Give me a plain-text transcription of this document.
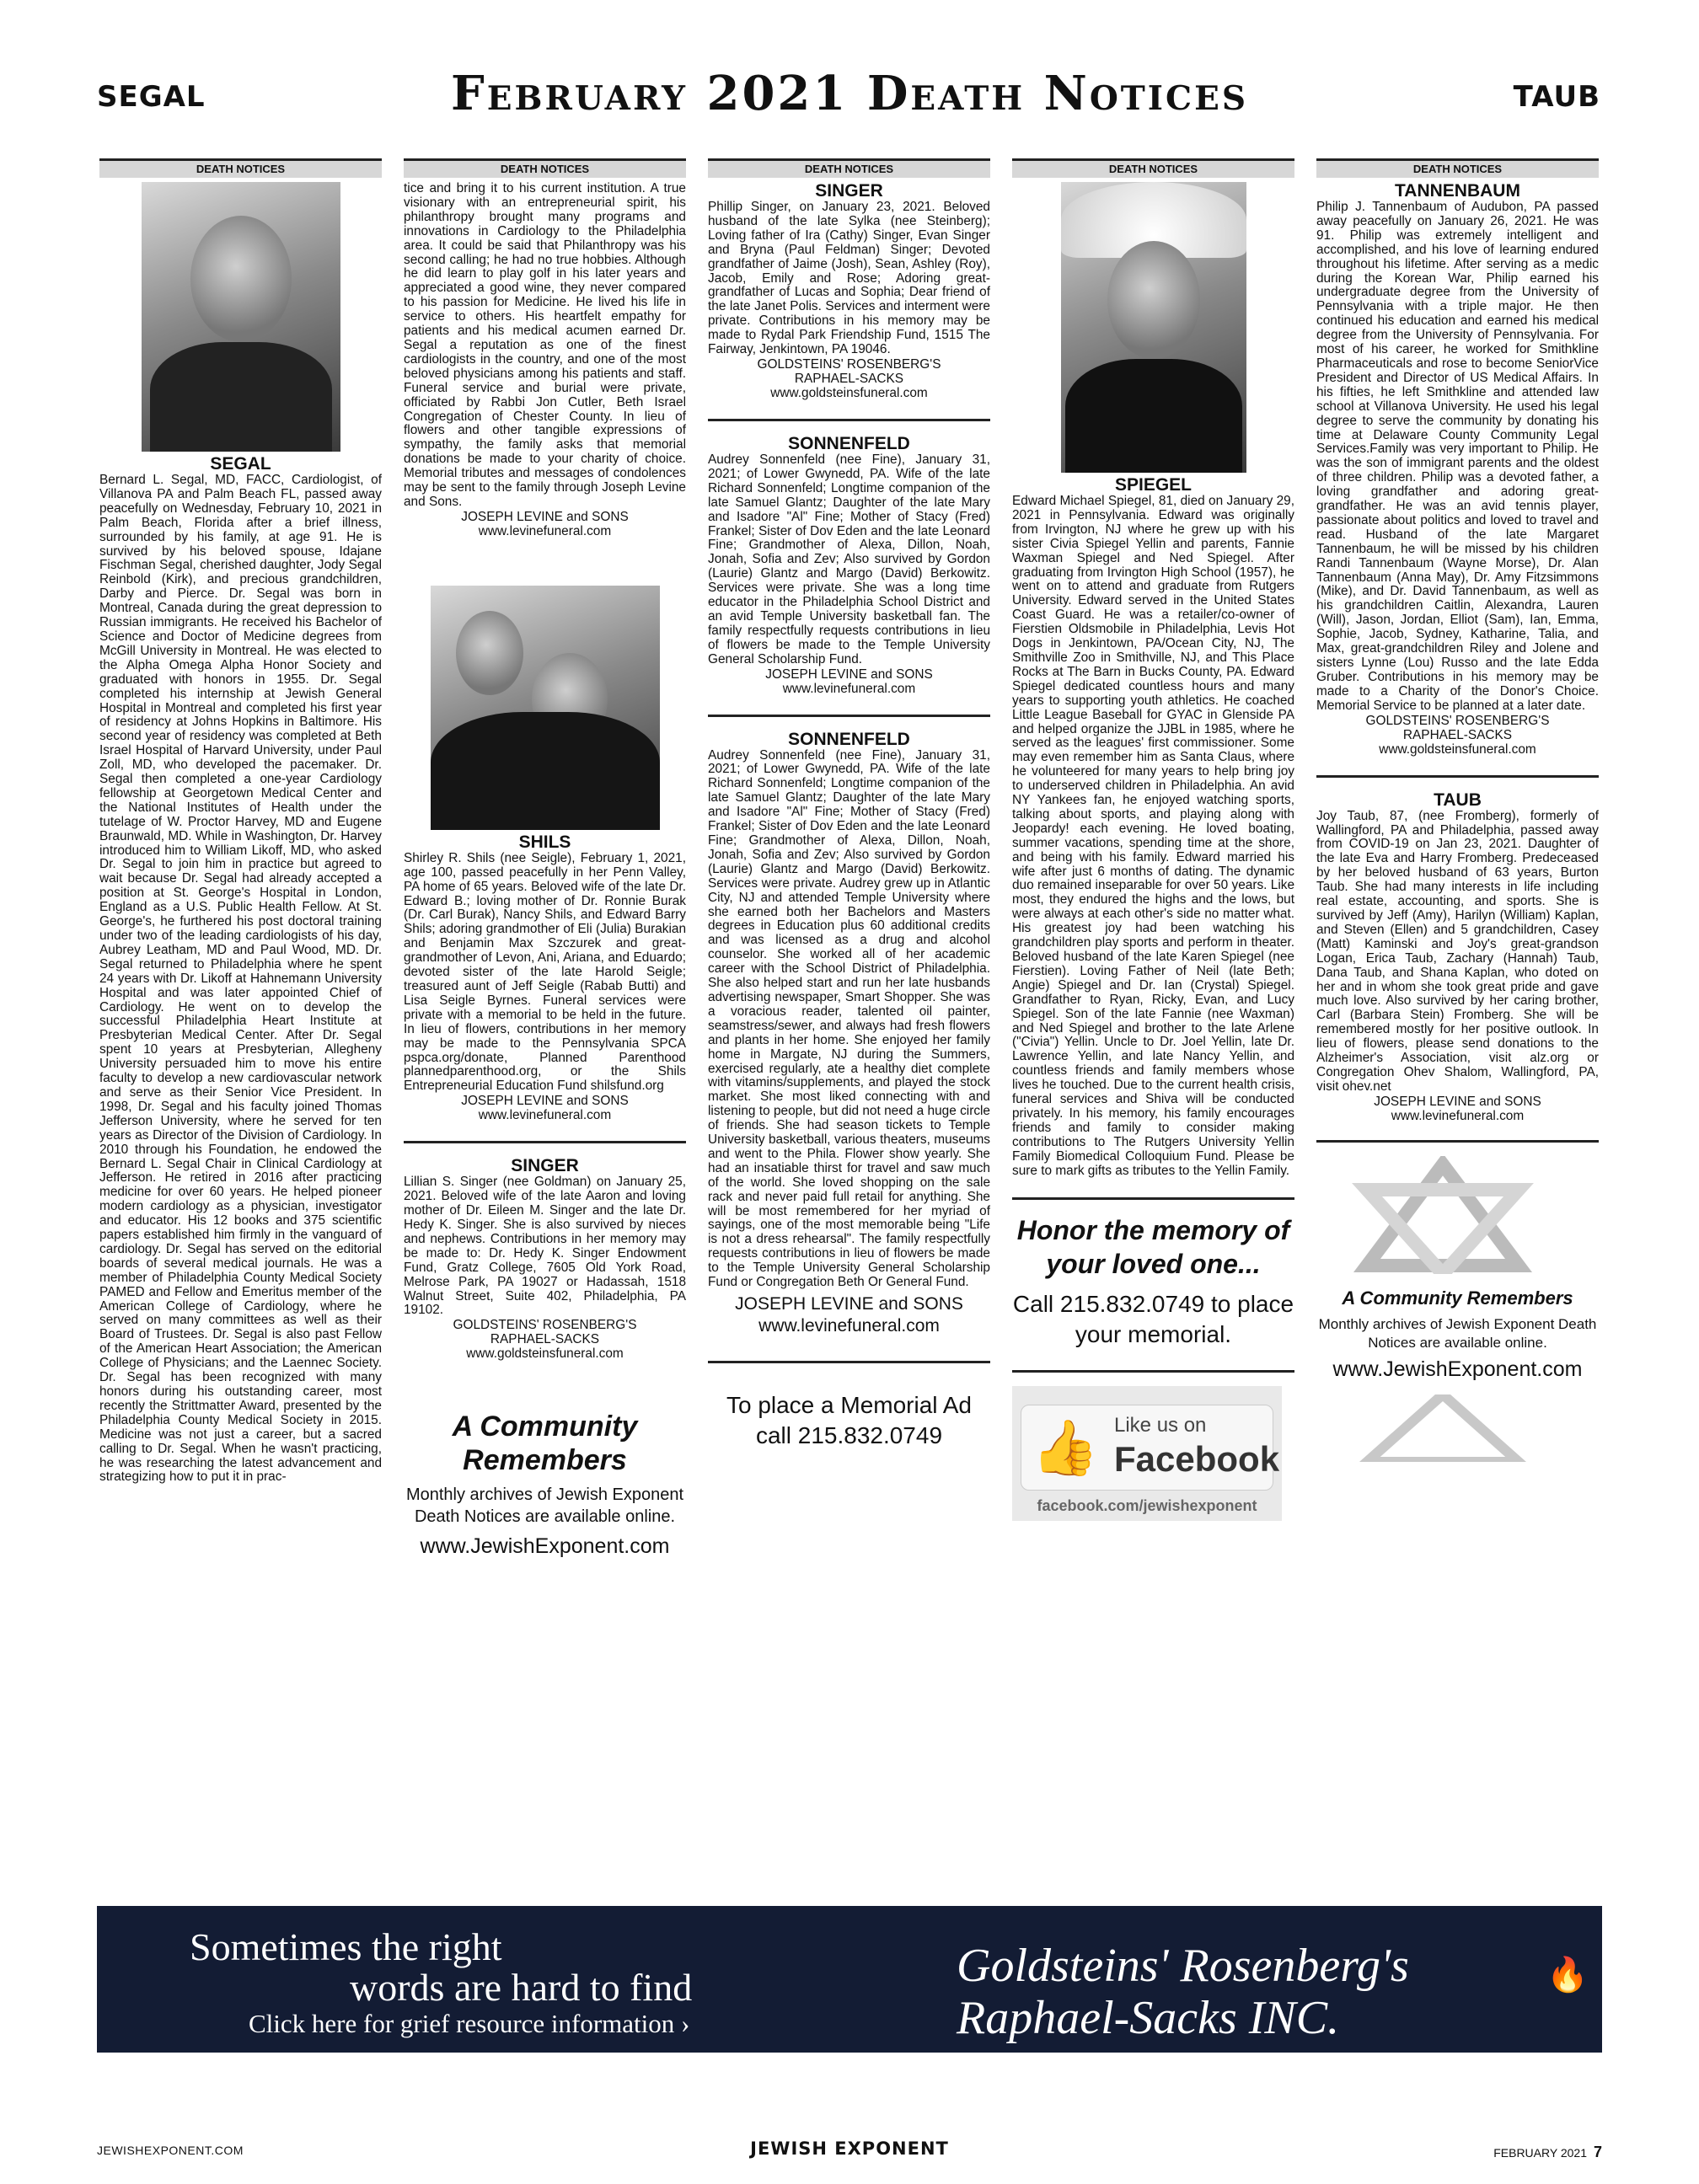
SEGAL	February 2021 Death Notices	TAUB
DEATH NOTICES

SEGAL

Bernard L. Segal, MD, FACC, Cardiologist, of Villanova PA and Palm Beach FL, passed away peacefully on Wednesday, February 10, 2021 in Palm Beach, Florida after a brief illness, surrounded by his family, at age 91. He is survived by his beloved spouse, Idajane Fischman Segal, cherished daughter, Jody Segal Reinbold (Kirk), and precious grandchildren, Darby and Pierce. Dr. Segal was born in Montreal, Canada during the great depression to Russian immigrants. He received his Bachelor of Science and Doctor of Medicine degrees from McGill University in Montreal. He was elected to the Alpha Omega Alpha Honor Society and graduated with honors in 1955. Dr. Segal completed his internship at Jewish General Hospital in Montreal and completed his first year of residency at Johns Hopkins in Baltimore. His second year of residency was completed at Beth Israel Hospital of Harvard University, under Paul Zoll, MD, who developed the pacemaker. Dr. Segal then completed a one-year Cardiology fellowship at Georgetown Medical Center and the National Institutes of Health under the tutelage of W. Proctor Harvey, MD and Eugene Braunwald, MD. While in Washington, Dr. Harvey introduced him to William Likoff, MD, who asked Dr. Segal to join him in practice but agreed to wait because Dr. Segal had already accepted a position at St. George's Hospital in London, England as a U.S. Public Health Fellow. At St. George's, he furthered his post doctoral training under two of the leading cardiologists of his day, Aubrey Leatham, MD and Paul Wood, MD. Dr. Segal returned to Philadelphia where he spent 24 years with Dr. Likoff at Hahnemann University Hospital and was later appointed Chief of Cardiology. He went on to develop the successful Philadelphia Heart Institute at Presbyterian Medical Center. After Dr. Segal spent 10 years at Presbyterian, Allegheny University persuaded him to move his entire faculty to develop a new cardiovascular network and serve as their Senior Vice President. In 1998, Dr. Segal and his faculty joined Thomas Jefferson University, where he served for ten years as Director of the Division of Cardiology. In 2010 through his Foundation, he endowed the Bernard L. Segal Chair in Clinical Cardiology at Jefferson. He retired in 2016 after practicing medicine for over 60 years. He helped pioneer modern cardiology as a physician, investigator and educator. His 12 books and 375 scientific papers established him firmly in the vanguard of cardiology. Dr. Segal has served on the editorial boards of several medical journals. He was a member of Philadelphia County Medical Society PAMED and Fellow and Emeritus member of the American College of Cardiology, where he served on many committees as well as their Board of Trustees. Dr. Segal is also past Fellow of the American Heart Association; the American College of Physicians; and the Laennec Society. Dr. Segal has been recognized with many honors during his outstanding career, most recently the Strittmatter Award, presented by the Philadelphia County Medical Society in 2015. Medicine was not just a career, but a sacred calling to Dr. Segal. When he wasn't practicing, he was researching the latest advancement and strategizing how to put it in prac-

DEATH NOTICES

tice and bring it to his current institution. A true visionary with an entrepreneurial spirit, his philanthropy brought many programs and innovations in Cardiology to the Philadelphia area. It could be said that Philanthropy was his second calling; he had no true hobbies. Although he did learn to play golf in his later years and appreciated a good wine, they never compared to his passion for Medicine. He lived his life in service to others. His heartfelt empathy for patients and his medical acumen earned Dr. Segal a reputation as one of the finest cardiologists in the country, and one of the most beloved physicians among his patients and staff. Funeral service and burial were private, officiated by Rabbi Jon Cutler, Beth Israel Congregation of Chester County. In lieu of flowers and other tangible expressions of sympathy, the family asks that memorial donations be made to your charity of choice. Memorial tributes and messages of condolences may be sent to the family through Joseph Levine and Sons.

JOSEPH LEVINE and SONS

www.levinefuneral.com

SHILS

Shirley R. Shils (nee Seigle), February 1, 2021, age 100, passed peacefully in her Penn Valley, PA home of 65 years. Beloved wife of the late Dr. Edward B.; loving mother of Dr. Ronnie Burak (Dr. Carl Burak), Nancy Shils, and Edward Barry Shils; adoring grandmother of Eli (Julia) Burakian and Benjamin Max Szczurek and great-grandmother of Levon, Ani, Ariana, and Eduardo; devoted sister of the late Harold Seigle; treasured aunt of Jeff Seigle (Rabab Butti) and Lisa Seigle Byrnes. Funeral services were private with a memorial to be held in the future. In lieu of flowers, contributions in her memory may be made to the Pennsylvania SPCA pspca.org/donate, Planned Parenthood plannedparenthood.org, or the Shils Entrepreneurial Education Fund shilsfund.org

JOSEPH LEVINE and SONS

www.levinefuneral.com

SINGER

Lillian S. Singer (nee Goldman) on January 25, 2021. Beloved wife of the late Aaron and loving mother of Dr. Eileen M. Singer and the late Dr. Hedy K. Singer. She is also survived by nieces and nephews. Contributions in her memory may be made to: Dr. Hedy K. Singer Endowment Fund, Gratz College, 7605 Old York Road, Melrose Park, PA 19027 or Hadassah, 1518 Walnut Street, Suite 402, Philadelphia, PA 19102.

GOLDSTEINS' ROSENBERG'S

RAPHAEL-SACKS

www.goldsteinsfuneral.com

A Community Remembers
Monthly archives of Jewish Exponent Death Notices are available online.
www.JewishExponent.com
DEATH NOTICES

SINGER

Phillip Singer, on January 23, 2021. Beloved husband of the late Sylka (nee Steinberg); Loving father of Ira (Cathy) Singer, Evan Singer and Bryna (Paul Feldman) Singer; Devoted grandfather of Jaime (Josh), Sean, Ashley (Roy), Jacob, Emily and Rose; Adoring great-grandfather of Lucas and Sophia; Dear friend of the late Janet Polis. Services and interment were private. Contributions in his memory may be made to Rydal Park Friendship Fund, 1515 The Fairway, Jenkintown, PA 19046.

GOLDSTEINS' ROSENBERG'S

RAPHAEL-SACKS

www.goldsteinsfuneral.com

SONNENFELD

Audrey Sonnenfeld (nee Fine), January 31, 2021; of Lower Gwynedd, PA. Wife of the late Richard Sonnenfeld; Longtime companion of the late Samuel Glantz; Daughter of the late Mary and Isadore "Al" Fine; Mother of Stacy (Fred) Frankel; Sister of Dov Eden and the late Leonard Fine; Grandmother of Alexa, Dillon, Noah, Jonah, Sofia and Zev; Also survived by Gordon (Laurie) Glantz and Margo (David) Berkowitz. Services were private. She was a long time educator in the Philadelphia School District and an avid Temple University basketball fan. The family respectfully requests contributions in lieu of flowers be made to the Temple University General Scholarship Fund.

JOSEPH LEVINE and SONS

www.levinefuneral.com

SONNENFELD

Audrey Sonnenfeld (nee Fine), January 31, 2021; of Lower Gwynedd, PA. Wife of the late Richard Sonnenfeld; Longtime companion of the late Samuel Glantz; Daughter of the late Mary and Isadore "Al" Fine; Mother of Stacy (Fred) Frankel; Sister of Dov Eden and the late Leonard Fine; Grandmother of Alexa, Dillon, Noah, Jonah, Sofia and Zev; Also survived by Gordon (Laurie) Glantz and Margo (David) Berkowitz. Services were private. Audrey grew up in Atlantic City, NJ and attended Temple University where she earned both her Bachelors and Masters degrees in Education plus 60 additional credits and was licensed as a drug and alcohol counselor. She worked all of her academic career with the School District of Philadelphia. She also helped start and run her late husbands advertising newspaper, Smart Shopper. She was a voracious reader, talented oil painter, seamstress/sewer, and always had fresh flowers and plants in her home. She enjoyed her family home in Margate, NJ during the Summers, exercised regularly, ate a healthy diet complete with vitamins/supplements, and played the stock market. She most liked connecting with and listening to people, but did not need a huge circle of friends. She had season tickets to Temple University basketball, various theaters, museums and went to the Phila. Flower show yearly. She had an insatiable thirst for travel and saw much of the world. She loved shopping on the sale rack and never paid full retail for anything. She will be most remembered for her myriad of sayings, one of the most memorable being "Life is not a dress rehearsal". The family respectfully requests contributions in lieu of flowers be made to the Temple University General Scholarship Fund or Congregation Beth Or General Fund.

JOSEPH LEVINE and SONS

www.levinefuneral.com

To place a Memorial Ad
call 215.832.0749
DEATH NOTICES

SPIEGEL

Edward Michael Spiegel, 81, died on January 29, 2021 in Pennsylvania. Edward was originally from Irvington, NJ where he grew up with his sister Civia Spiegel Yellin and parents, Fannie Waxman Spiegel and Ned Spiegel. After graduating from Irvington High School (1957), he went on to attend and graduate from Rutgers University. Edward served in the United States Coast Guard. He was a retailer/co-owner of Fierstien Oldsmobile in Philadelphia, Levis Hot Dogs in Jenkintown, PA/Ocean City, NJ, The Smithville Zoo in Smithville, NJ, and This Place Rocks at The Barn in Bucks County, PA. Edward Spiegel dedicated countless hours and many years to supporting youth athletics. He coached Little League Baseball for GYAC in Glenside PA and helped organize the JJBL in 1985, where he served as the leagues' first commissioner. Some may even remember him as Santa Claus, where he volunteered for many years to help bring joy to underserved children in Philadelphia. An avid NY Yankees fan, he enjoyed watching sports, talking about sports, and playing along with Jeopardy! each evening. He loved boating, summer vacations, spending time at the shore, and being with his family. Edward married his wife after just 6 months of dating. The dynamic duo remained inseparable for over 50 years. Like most, they endured the highs and the lows, but were always at each other's side no matter what. His greatest joy had been watching his grandchildren play sports and perform in theater. Beloved husband of the late Karen Spiegel (nee Fierstien). Loving Father of Neil (late Beth; Angie) Spiegel and Dr. Ian (Crystal) Spiegel. Grandfather to Ryan, Ricky, Evan, and Lucy Spiegel. Son of the late Fannie (nee Waxman) and Ned Spiegel and brother to the late Arlene ("Civia") Yellin. Uncle to Dr. Joel Yellin, late Dr. Lawrence Yellin, and late Nancy Yellin, and countless friends and family members whose lives he touched. Due to the current health crisis, funeral services and Shiva will be conducted privately. In his memory, his family encourages friends and family to consider making contributions to The Rutgers University Yellin Family Biomedical Colloquium Fund. Please be sure to mark gifts as tributes to the Yellin Family.

Honor the memory of your loved one...
Call 215.832.0749 to place your memorial.
👍 Like us on
Facebook
facebook.com/jewishexponent
DEATH NOTICES

TANNENBAUM

Philip J. Tannenbaum of Audubon, PA passed away peacefully on January 26, 2021. He was 91. Philip was extremely intelligent and accomplished, and his love of learning endured throughout his lifetime. After serving as a medic during the Korean War, Philip earned his undergraduate degree from the University of Pennsylvania with a triple major. He then continued his education and earned his medical degree from the University of Pennsylvania. For most of his career, he worked for Smithkline Pharmaceuticals and rose to become SeniorVice President and Director of US Medical Affairs. In his fifties, he left Smithkline and attended law school at Villanova University. He used his legal degree to serve the community by donating his time at Delaware County Community Legal Services.Family was very important to Philip. He was the son of immigrant parents and the oldest of three children. Philip was a devoted father, a loving grandfather and adoring great-grandfather. He was an avid tennis player, passionate about politics and loved to travel and read. Husband of the late Margaret Tannenbaum, he will be missed by his children Randi Tannenbaum (Wayne Morse), Dr. Alan Tannenbaum (Anna May), Dr. Amy Fitzsimmons (Mike), and Dr. David Tannenbaum, as well as his grandchildren Caitlin, Alexandra, Lauren (Will), Jason, Jordan, Elliot (Sam), Ian, Emma, Sophie, Jacob, Sydney, Katharine, Talia, and Max, great-grandchildren Riley and Jolene and sisters Lynne (Lou) Russo and the late Edda Gruber. Contributions in his memory may be made to a Charity of the Donor's Choice. Memorial Service to be planned at a later date.

GOLDSTEINS' ROSENBERG'S

RAPHAEL-SACKS

www.goldsteinsfuneral.com

TAUB

Joy Taub, 87, (nee Fromberg), formerly of Wallingford, PA and Philadelphia, passed away from COVID-19 on Jan 23, 2021. Daughter of the late Eva and Harry Fromberg. Predeceased by her beloved husband of 63 years, Burton Taub. She had many interests in life including real estate, accounting, and sports. She is survived by Jeff (Amy), Harilyn (William) Kaplan, and Steven (Ellen) and 5 grandchildren, Casey (Matt) Kaminski and Joy's great-grandson Logan, Erica Taub, Zachary (Hannah) Taub, Dana Taub, and Shana Kaplan, who doted on her and in whom she took great pride and gave much love. Also survived by her caring brother, Carl (Barbara Stein) Fromberg. She will be remembered mostly for her positive outlook. In lieu of flowers, please send donations to the Alzheimer's Association, visit alz.org or Congregation Ohev Shalom, Wallingford, PA, visit ohev.net

JOSEPH LEVINE and SONS

www.levinefuneral.com

A Community Remembers
Monthly archives of Jewish Exponent Death Notices are available online.
www.JewishExponent.com
Sometimes the right
words are hard to find
Click here for grief resource information ›
Goldsteins' Rosenberg's Raphael-Sacks INC.
🔥
JEWISHEXPONENT.COM	JEWISH EXPONENT	FEBRUARY 2021 7
